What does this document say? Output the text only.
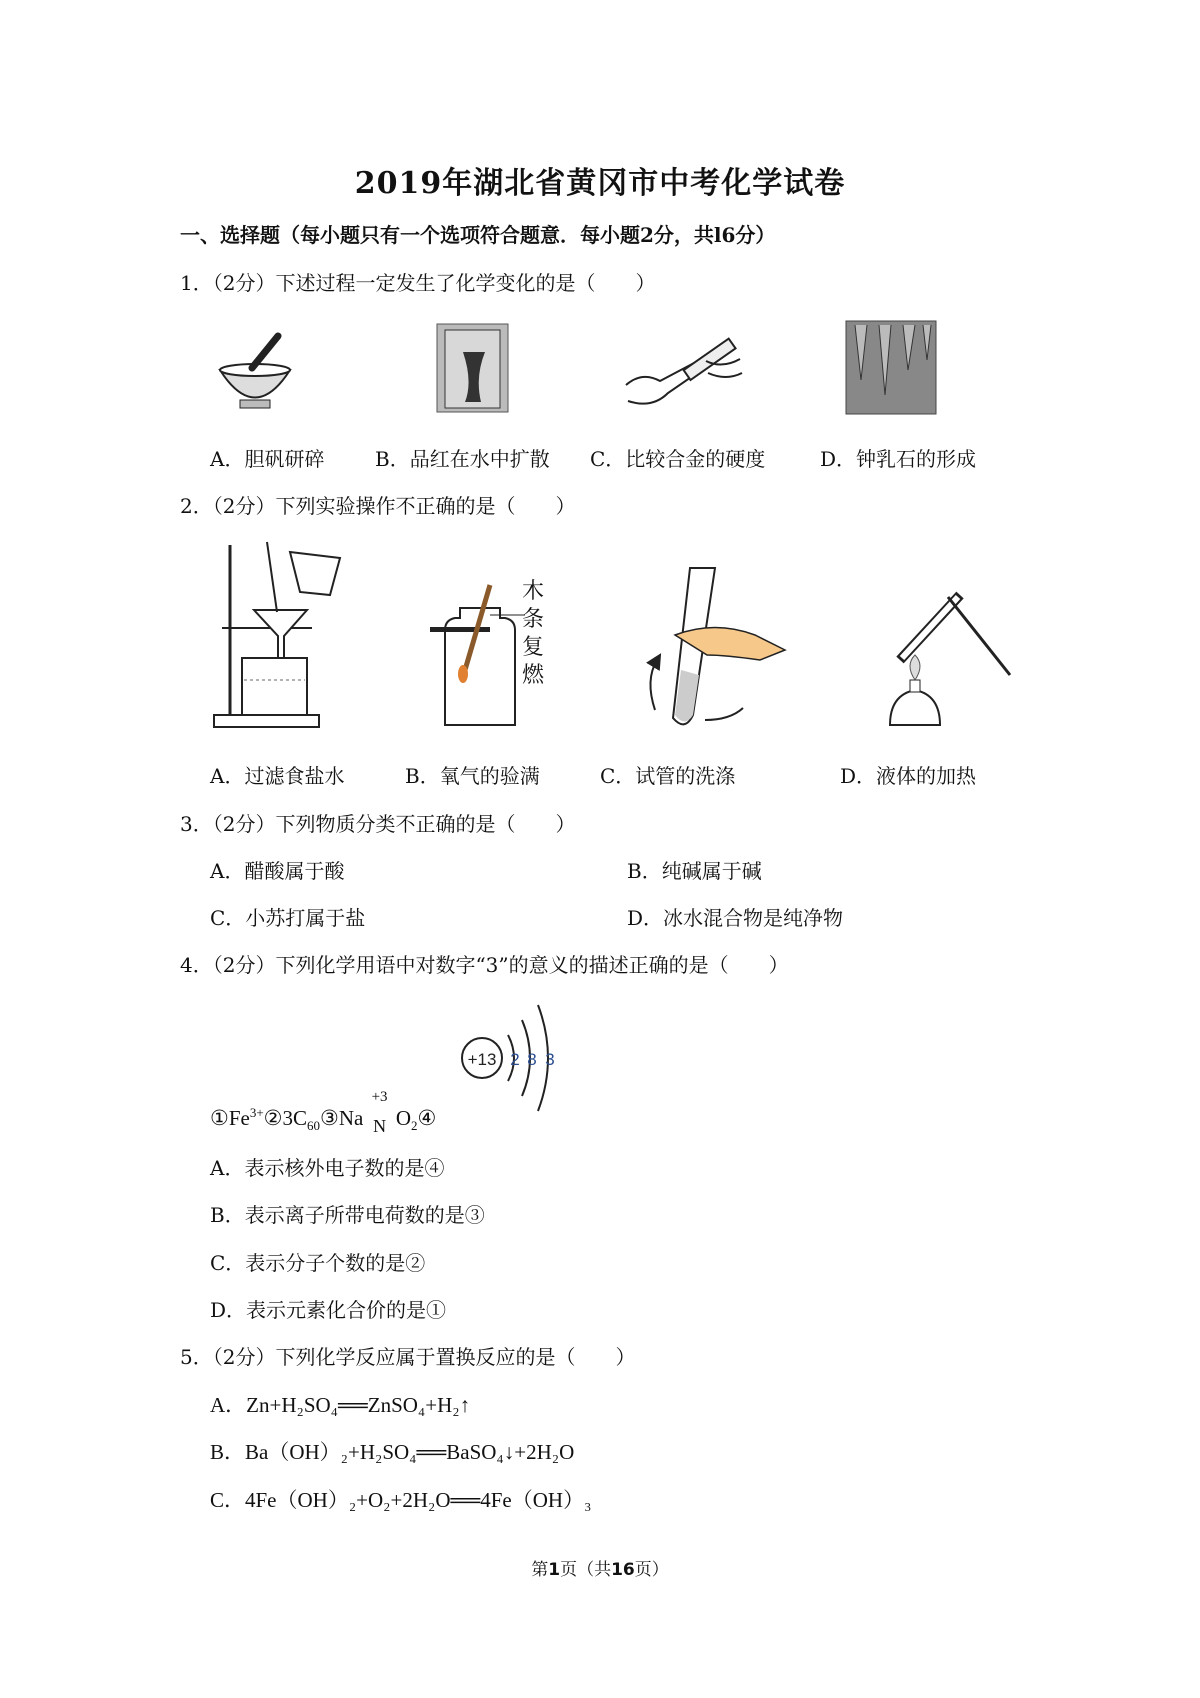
2019年湖北省黄冈市中考化学试卷
一、选择题（每小题只有一个选项符合题意．每小题2分，共l6分）
1．（2分）下述过程一定发生了化学变化的是（　　）
A．胆矾研碎	B．品红在水中扩散 C．比较合金的硬度	D．钟乳石的形成
2．（2分）下列实验操作不正确的是（　　）
木
条
复
燃
A．过滤食盐水	B．氧气的验满	C．试管的洗涤	D．液体的加热
3．（2分）下列物质分类不正确的是（　　）
A．醋酸属于酸	B．纯碱属于碱
C．小苏打属于盐	D．冰水混合物是纯净物
4．（2分）下列化学用语中对数字“3”的意义的描述正确的是（　　）
+13 2 8 3
$①Fe^{3+}②3C_{60}③Na$
+3
N $O_2④$
A．表示核外电子数的是④
B．表示离子所带电荷数的是③
C．表示分子个数的是②
D．表示元素化合价的是①
5．（2分）下列化学反应属于置换反应的是（　　）
A．Zn+H₂SO₄══ZnSO₄+H₂↑
B．Ba（OH）₂+H₂SO₄══BaSO₄↓+2H₂O
C．4Fe（OH）₂+O₂+2H₂O══4Fe（OH）₃
第1页（共16页）
